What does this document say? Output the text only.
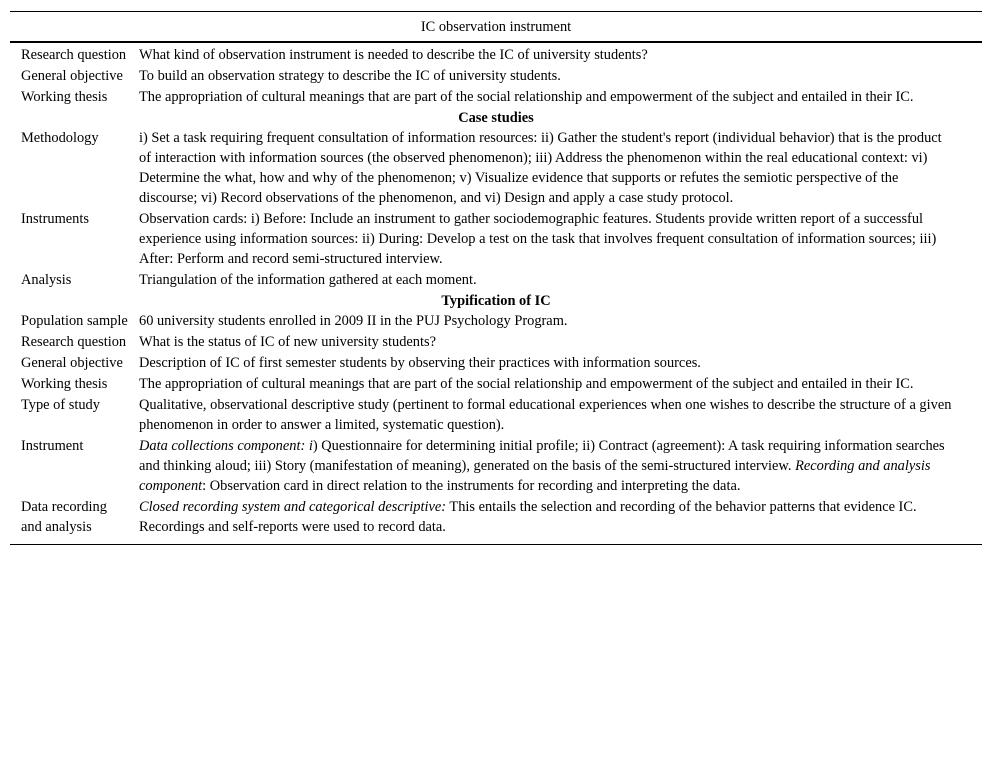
IC observation instrument	
Research question	What kind of observation instrument is needed to describe the IC of university students?
General objective	To build an observation strategy to describe the IC of university students.
Working thesis	The appropriation of cultural meanings that are part of the social relationship and empowerment of the subject and entailed in their IC.
Case studies	
Methodology	i) Set a task requiring frequent consultation of information resources: ii) Gather the student's report (individual behavior) that is the product of interaction with information sources (the observed phenomenon); iii) Address the phenomenon within the real educational context: vi) Determine the what, how and why of the phenomenon; v) Visualize evidence that supports or refutes the semiotic perspective of the discourse; vi) Record observations of the phenomenon, and vi) Design and apply a case study protocol.
Instruments	Observation cards: i) Before: Include an instrument to gather sociodemographic features. Students provide written report of a successful experience using information sources: ii) During: Develop a test on the task that involves frequent consultation of information sources; iii) After: Perform and record semi-structured interview.
Analysis	Triangulation of the information gathered at each moment.
Typification of IC	
Population sample	60 university students enrolled in 2009 II in the PUJ Psychology Program.
Research question	What is the status of IC of new university students?
General objective	Description of IC of first semester students by observing their practices with information sources.
Working thesis	The appropriation of cultural meanings that are part of the social relationship and empowerment of the subject and entailed in their IC.
Type of study	Qualitative, observational descriptive study (pertinent to formal educational experiences when one wishes to describe the structure of a given phenomenon in order to answer a limited, systematic question).
Instrument	Data collections component: i) Questionnaire for determining initial profile; ii) Contract (agreement): A task requiring information searches and thinking aloud; iii) Story (manifestation of meaning), generated on the basis of the semi-structured interview. Recording and analysis component: Observation card in direct relation to the instruments for recording and interpreting the data.
Data recording and analysis	Closed recording system and categorical descriptive: This entails the selection and recording of the behavior patterns that evidence IC. Recordings and self-reports were used to record data.
